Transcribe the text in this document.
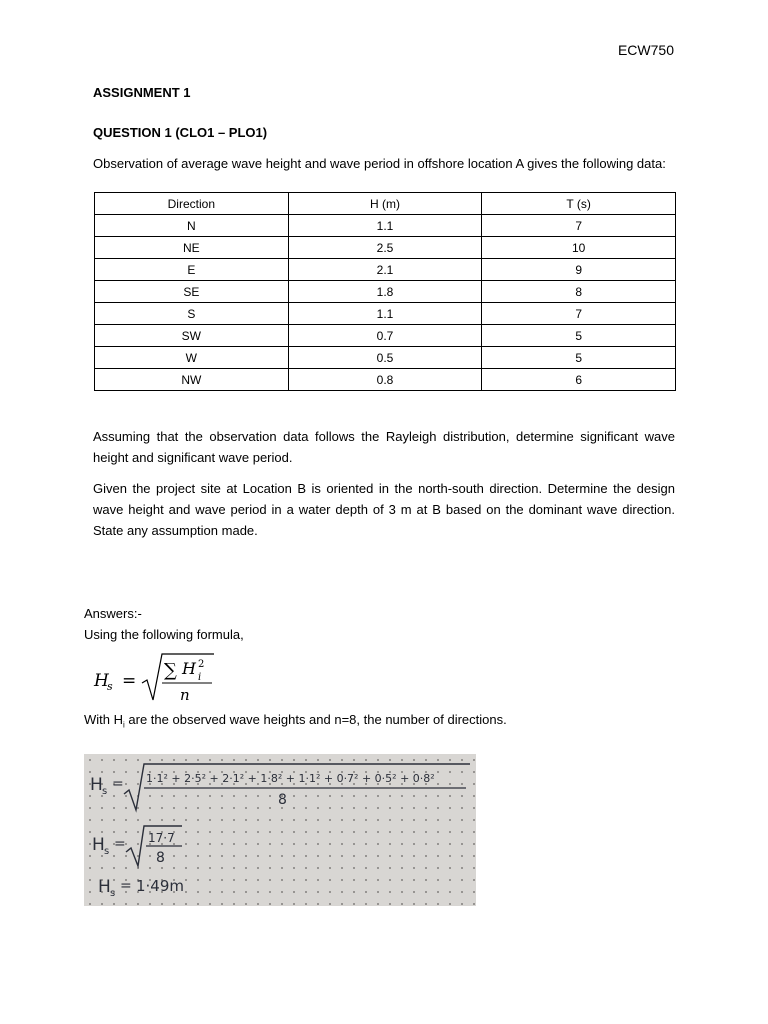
ECW750
ASSIGNMENT 1
QUESTION 1 (CLO1 – PLO1)
Observation of average wave height and wave period in offshore location A gives the following data:
Direction	H (m)	T (s)
N	1.1	7
NE	2.5	10
E	2.1	9
SE	1.8	8
S	1.1	7
SW	0.7	5
W	0.5	5
NW	0.8	6
Assuming that the observation data follows the Rayleigh distribution, determine significant wave height and significant wave period.
Given the project site at Location B is oriented in the north-south direction. Determine the design wave height and wave period in a water depth of 3 m at B based on the dominant wave direction. State any assumption made.
Answers:-
Using the following formula,
H
s = ∑ H 2
i
n
With $H_i$ are the observed wave heights and n=8, the number of directions.
H s = 1·1² + 2·5² + 2·1² + 1·8² + 1·1² + 0·7² + 0·5² + 0·8²
8
H s = 17·7
8
H s = 1·49m
